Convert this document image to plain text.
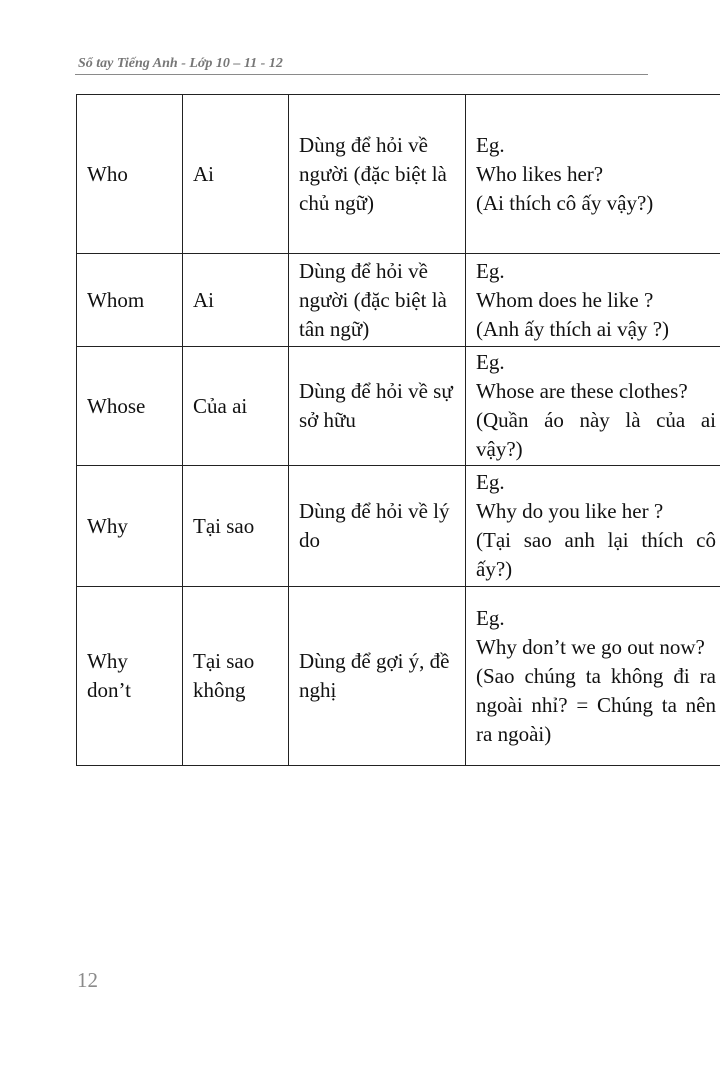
Sổ tay Tiếng Anh - Lớp 10 – 11 - 12
Who	Ai	Dùng để hỏi về người (đặc biệt là chủ ngữ)	Eg.
Who likes her?
(Ai thích cô ấy vậy?)

Whom	Ai	Dùng để hỏi về người (đặc biệt là tân ngữ)	Eg.
Whom does he like ?
(Anh ấy thích ai vậy ?)

Whose	Của ai	Dùng để hỏi về sự sở hữu	Eg.
Whose are these clothes?
(Quần áo này là của ai vậy?)

Why	Tại sao	Dùng để hỏi về lý do	Eg.
Why do you like her ?
(Tại sao anh lại thích cô ấy?)

Why don’t	Tại sao không	Dùng để gợi ý, đề nghị	Eg.
Why don’t we go out now?
(Sao chúng ta không đi ra ngoài nhỉ? = Chúng ta nên ra ngoài)
12
